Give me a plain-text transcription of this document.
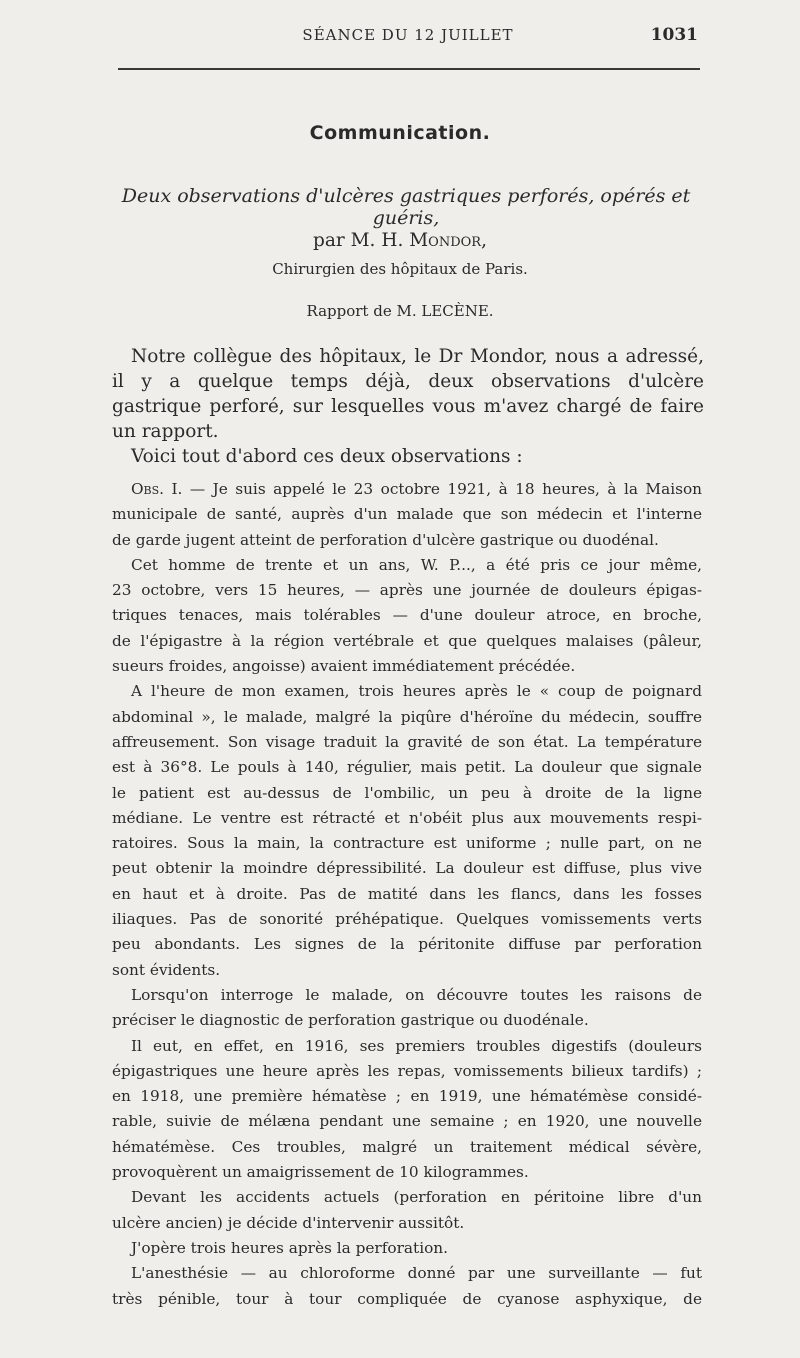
SÉANCE DU 12 JUILLET	1031
Communication.
Deux observations d'ulcères gastriques perforés, opérés et guéris,
par M. H. Mondor,
Chirurgien des hôpitaux de Paris.
Rapport de M. LECÈNE.

Notre collègue des hôpitaux, le Dr Mondor, nous a adressé, il y a quelque temps déjà, deux observations d'ulcère gastrique perforé, sur lesquelles vous m'avez chargé de faire un rapport.

Voici tout d'abord ces deux observations :

Obs. I. — Je suis appelé le 23 octobre 1921, à 18 heures, à la Maison
municipale de santé, auprès d'un malade que son médecin et l'interne
de garde jugent atteint de perforation d'ulcère gastrique ou duodénal.
Cet homme de trente et un ans, W. P..., a été pris ce jour même,
23 octobre, vers 15 heures, — après une journée de douleurs épigas-
triques tenaces, mais tolérables — d'une douleur atroce, en broche,
de l'épigastre à la région vertébrale et que quelques malaises (pâleur,
sueurs froides, angoisse) avaient immédiatement précédée.
A l'heure de mon examen, trois heures après le « coup de poignard
abdominal », le malade, malgré la piqûre d'héroïne du médecin, souffre
affreusement. Son visage traduit la gravité de son état. La température
est à 36°8. Le pouls à 140, régulier, mais petit. La douleur que signale
le patient est au-dessus de l'ombilic, un peu à droite de la ligne
médiane. Le ventre est rétracté et n'obéit plus aux mouvements respi-
ratoires. Sous la main, la contracture est uniforme ; nulle part, on ne
peut obtenir la moindre dépressibilité. La douleur est diffuse, plus vive
en haut et à droite. Pas de matité dans les flancs, dans les fosses
iliaques. Pas de sonorité préhépatique. Quelques vomissements verts
peu abondants. Les signes de la péritonite diffuse par perforation
sont évidents.
Lorsqu'on interroge le malade, on découvre toutes les raisons de
préciser le diagnostic de perforation gastrique ou duodénale.
Il eut, en effet, en 1916, ses premiers troubles digestifs (douleurs
épigastriques une heure après les repas, vomissements bilieux tardifs) ;
en 1918, une première hématèse ; en 1919, une hématémèse considé-
rable, suivie de mélæna pendant une semaine ; en 1920, une nouvelle
hématémèse. Ces troubles, malgré un traitement médical sévère,
provoquèrent un amaigrissement de 10 kilogrammes.
Devant les accidents actuels (perforation en péritoine libre d'un
ulcère ancien) je décide d'intervenir aussitôt.
J'opère trois heures après la perforation.
L'anesthésie — au chloroforme donné par une surveillante — fut
très pénible, tour à tour compliquée de cyanose asphyxique, de
